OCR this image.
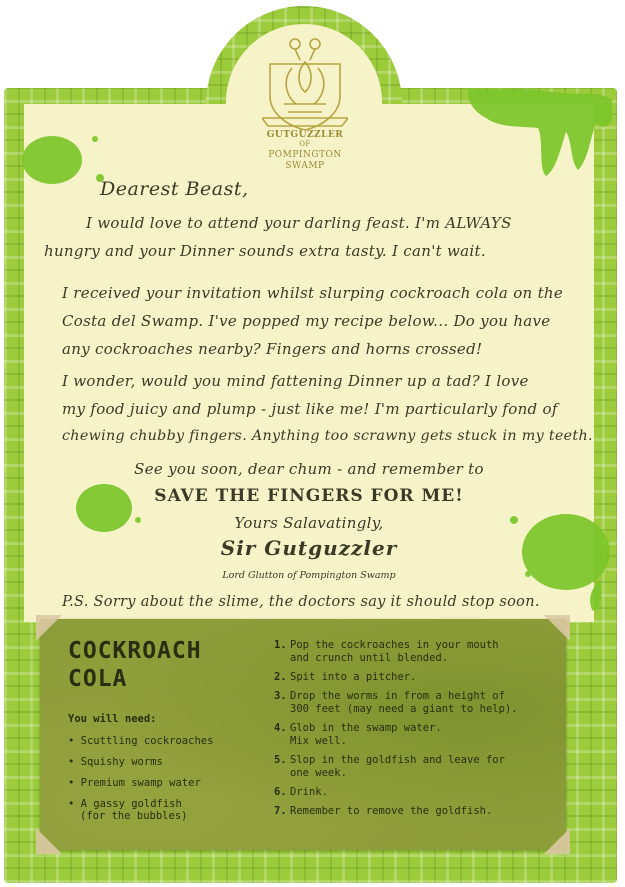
GUTGUZZLER
OF
POMPINGTON
SWAMP
Dearest Beast,
I would love to attend your darling feast. I'm ALWAYS
hungry and your Dinner sounds extra tasty. I can't wait.
I received your invitation whilst slurping cockroach cola on the
Costa del Swamp. I've popped my recipe below... Do you have
any cockroaches nearby? Fingers and horns crossed!
I wonder, would you mind fattening Dinner up a tad? I love
my food juicy and plump - just like me! I'm particularly fond of
chewing chubby fingers. Anything too scrawny gets stuck in my teeth.
See you soon, dear chum - and remember to
SAVE THE FINGERS FOR ME!
Yours Salavatingly,
Sir Gutguzzler
Lord Glutton of Pompington Swamp
P.S. Sorry about the slime, the doctors say it should stop soon.
COCKROACH
COLA
You will need:
• Scuttling cockroaches
• Squishy worms
• Premium swamp water
• A gassy goldfish
(for the bubbles)
1. Pop the cockroaches in your mouth
and crunch until blended.
2. Spit into a pitcher.
3. Drop the worms in from a height of
300 feet (may need a giant to help).
4. Glob in the swamp water.
Mix well.
5. Slop in the goldfish and leave for
one week.
6. Drink.
7. Remember to remove the goldfish.
